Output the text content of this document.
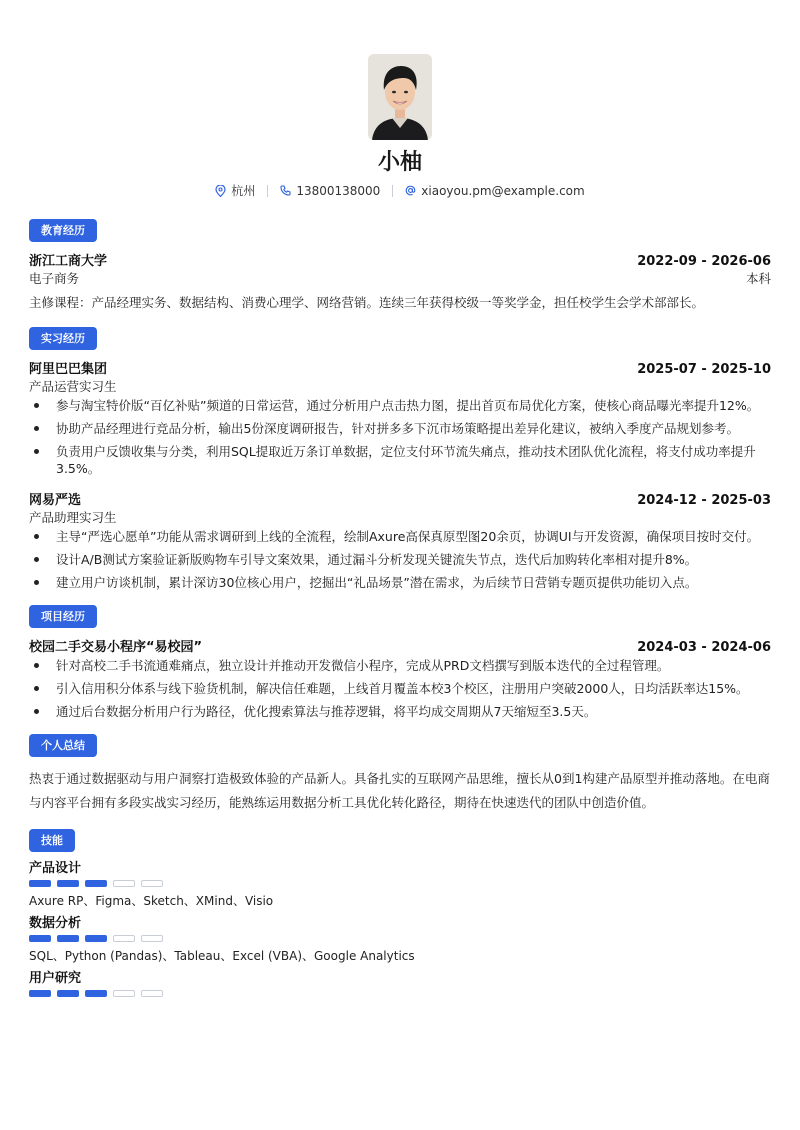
小柚
杭州	13800138000	xiaoyou.pm@example.com
教育经历
浙江工商大学	2022-09 - 2026-06
电子商务	本科
主修课程：产品经理实务、数据结构、消费心理学、网络营销。连续三年获得校级一等奖学金，担任校学生会学术部部长。
实习经历
阿里巴巴集团	2025-07 - 2025-10
产品运营实习生
参与淘宝特价版“百亿补贴”频道的日常运营，通过分析用户点击热力图，提出首页布局优化方案，使核心商品曝光率提升12%。
协助产品经理进行竞品分析，输出5份深度调研报告，针对拼多多下沉市场策略提出差异化建议，被纳入季度产品规划参考。
负责用户反馈收集与分类，利用SQL提取近万条订单数据，定位支付环节流失痛点，推动技术团队优化流程，将支付成功率提升3.5%。
网易严选	2024-12 - 2025-03
产品助理实习生
主导“严选心愿单”功能从需求调研到上线的全流程，绘制Axure高保真原型图20余页，协调UI与开发资源，确保项目按时交付。
设计A/B测试方案验证新版购物车引导文案效果，通过漏斗分析发现关键流失节点，迭代后加购转化率相对提升8%。
建立用户访谈机制，累计深访30位核心用户，挖掘出“礼品场景”潜在需求，为后续节日营销专题页提供功能切入点。
项目经历
校园二手交易小程序“易校园”	2024-03 - 2024-06
针对高校二手书流通难痛点，独立设计并推动开发微信小程序，完成从PRD文档撰写到版本迭代的全过程管理。
引入信用积分体系与线下验货机制，解决信任难题，上线首月覆盖本校3个校区，注册用户突破2000人，日均活跃率达15%。
通过后台数据分析用户行为路径，优化搜索算法与推荐逻辑，将平均成交周期从7天缩短至3.5天。
个人总结
热衷于通过数据驱动与用户洞察打造极致体验的产品新人。具备扎实的互联网产品思维，擅长从0到1构建产品原型并推动落地。在电商与内容平台拥有多段实战实习经历，能熟练运用数据分析工具优化转化路径，期待在快速迭代的团队中创造价值。
技能
产品设计
Axure RP、Figma、Sketch、XMind、Visio
数据分析
SQL、Python (Pandas)、Tableau、Excel (VBA)、Google Analytics
用户研究
